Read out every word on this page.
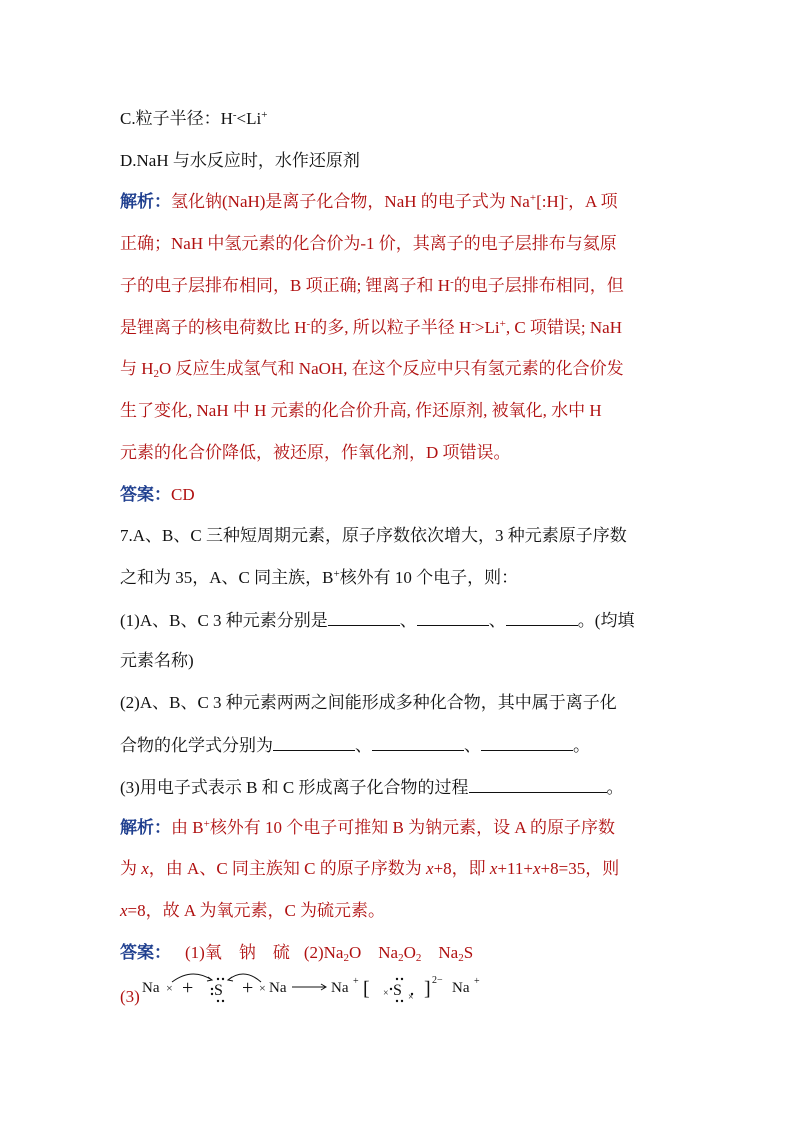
C.粒子半径：H-<Li+
D.NaH 与水反应时，水作还原剂
解析：氢化钠(NaH)是离子化合物，NaH 的电子式为 Na+[:H]-，A 项
正确；NaH 中氢元素的化合价为-1 价，其离子的电子层排布与氦原
子的电子层排布相同，B 项正确; 锂离子和 H-的电子层排布相同，但
是锂离子的核电荷数比 H-的多, 所以粒子半径 H->Li+, C 项错误; NaH
与 $H_2O$ 反应生成氢气和 NaOH, 在这个反应中只有氢元素的化合价发
生了变化, NaH 中 H 元素的化合价升高, 作还原剂, 被氧化, 水中 H
元素的化合价降低，被还原，作氧化剂，D 项错误。
答案：CD
7.A、B、C 三种短周期元素，原子序数依次增大，3 种元素原子序数
之和为 35，A、C 同主族，B+核外有 10 个电子，则：
(1)A、B、C 3 种元素分别是	、	、	。(均填
元素名称)
(2)A、B、C 3 种元素两两之间能形成多种化合物，其中属于离子化
合物的化学式分别为	、	、	。
(3)用电子式表示 B 和 C 形成离子化合物的过程	。
解析：由 B+核外有 10 个电子可推知 B 为钠元素，设 A 的原子序数
为 x，由 A、C 同主族知 C 的原子序数为 x+8，即 x+11+x+8=35，则
x=8，故 A 为氧元素，C 为硫元素。
答案： (1)氧　钠　硫 $(2)Na_2O$　$Na_2O_2$　$Na_2S$
(3) Na × + S + × Na	Na + [ S ] 2− Na +
× ×
